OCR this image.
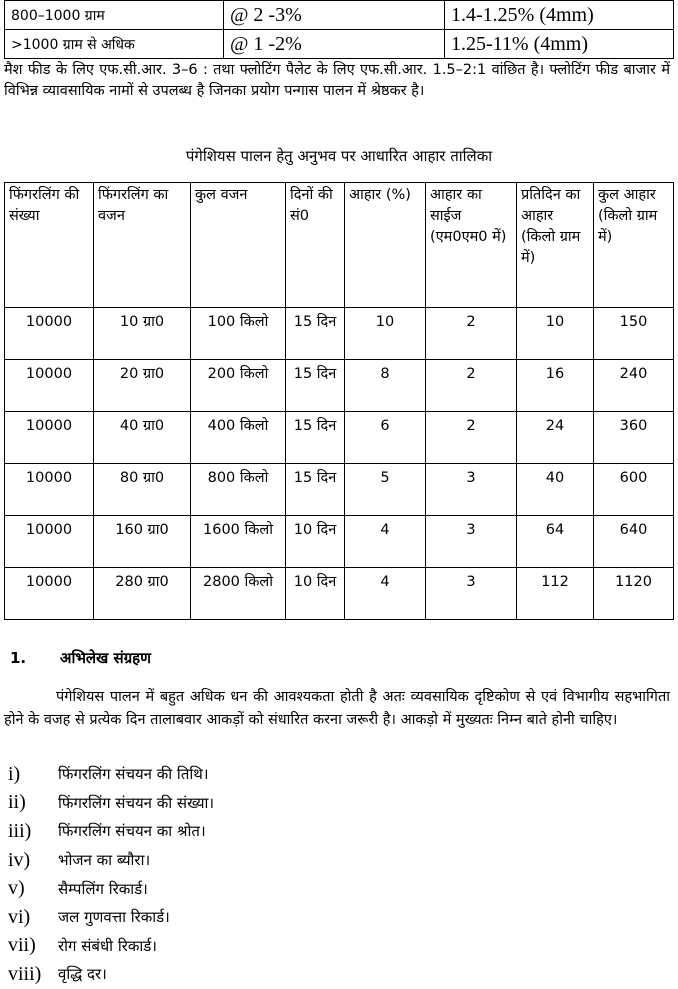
800–1000 ग्राम	@ 2 -3%	1.4-1.25% (4mm)
>1000 ग्राम से अधिक	@ 1 -2%	1.25-11% (4mm)
मैश फीड के लिए एफ.सी.आर. 3–6 : तथा फ्लोटिंग पैलेट के लिए एफ.सी.आर. 1.5–2:1 वांछित है। फ्लोटिंग फीड बाजार में विभिन्न व्यावसायिक नामों से उपलब्ध है जिनका प्रयोग पन्गास पालन में श्रेष्ठकर है।
पंगेशियस पालन हेतु अनुभव पर आधारित आहार तालिका
फिंगरलिंग की संख्या	फिंगरलिंग का वजन	कुल वजन	दिनों की सं0	आहार (%)	आहार का साईज (एम0एम0 में)	प्रतिदिन का आहार (किलो ग्राम में)	कुल आहार (किलो ग्राम में)
10000	10 ग्रा0	100 किलो	15 दिन	10	2	10	150
10000	20 ग्रा0	200 किलो	15 दिन	8	2	16	240
10000	40 ग्रा0	400 किलो	15 दिन	6	2	24	360
10000	80 ग्रा0	800 किलो	15 दिन	5	3	40	600
10000	160 ग्रा0	1600 किलो	10 दिन	4	3	64	640
10000	280 ग्रा0	2800 किलो	10 दिन	4	3	112	1120
1. अभिलेख संग्रहण
पंगेशियस पालन में बहुत अधिक धन की आवश्यकता होती है अतः व्यवसायिक दृष्टिकोण से एवं विभागीय सहभागिता होने के वजह से प्रत्येक दिन तालाबवार आकड़ों को संधारित करना जरूरी है। आकड़ो में मुख्यतः निम्न बाते होनी चाहिए।
i)	फिंगरलिंग संचयन की तिथि।
ii)	फिंगरलिंग संचयन की संख्या।
iii)	फिंगरलिंग संचयन का श्रोत।
iv)	भोजन का ब्यौरा।
v)	सैम्पलिंग रिकार्ड।
vi)	जल गुणवत्ता रिकार्ड।
vii)	रोग संबंधी रिकार्ड।
viii)	वृद्धि दर।
